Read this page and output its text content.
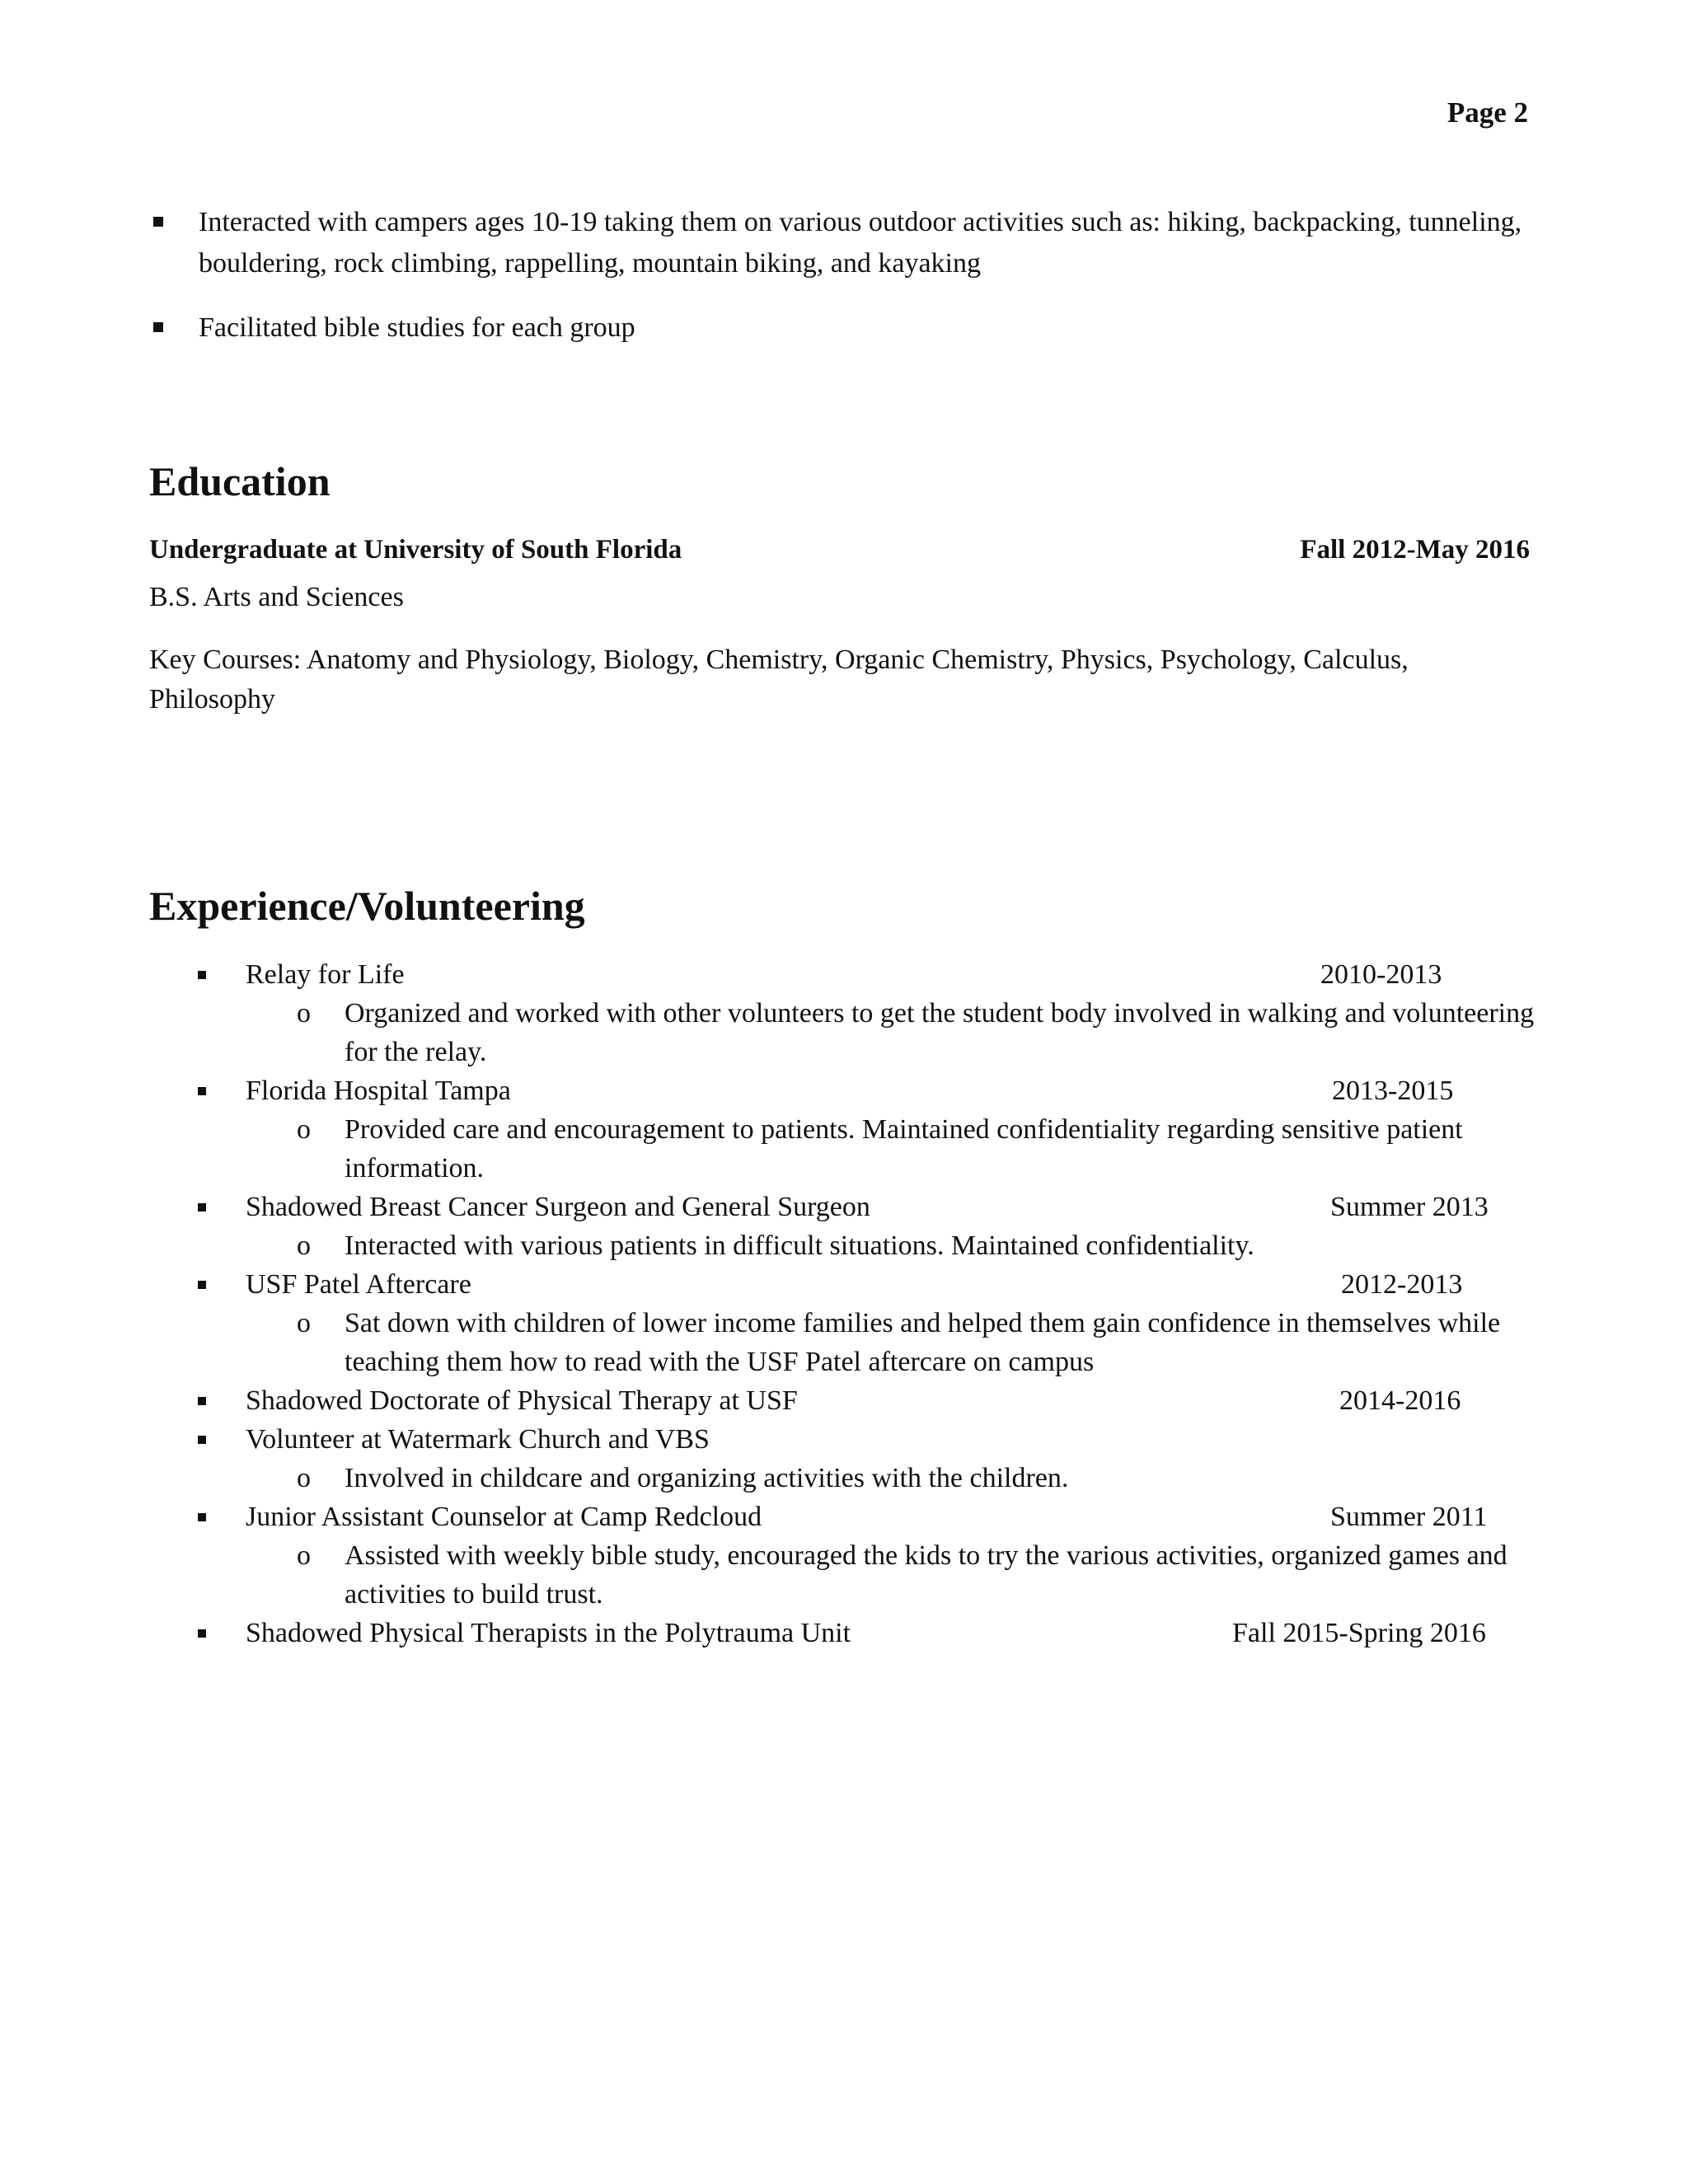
Page 2
Interacted with campers ages 10-19 taking them on various outdoor activities such as: hiking, backpacking, tunneling, bouldering, rock climbing, rappelling, mountain biking, and kayaking
Facilitated bible studies for each group
Education
Undergraduate at University of South Florida	Fall 2012-May 2016
B.S. Arts and Sciences
Key Courses: Anatomy and Physiology, Biology, Chemistry, Organic Chemistry, Physics, Psychology, Calculus, Philosophy
Experience/Volunteering
Relay for Life	2010-2013
o Organized and worked with other volunteers to get the student body involved in walking and volunteering for the relay.
Florida Hospital Tampa	2013-2015
o Provided care and encouragement to patients. Maintained confidentiality regarding sensitive patient information.
Shadowed Breast Cancer Surgeon and General Surgeon	Summer 2013
o Interacted with various patients in difficult situations. Maintained confidentiality.
USF Patel Aftercare	2012-2013
o Sat down with children of lower income families and helped them gain confidence in themselves while teaching them how to read with the USF Patel aftercare on campus
Shadowed Doctorate of Physical Therapy at USF	2014-2016
Volunteer at Watermark Church and VBS
o Involved in childcare and organizing activities with the children.
Junior Assistant Counselor at Camp Redcloud	Summer 2011
o Assisted with weekly bible study, encouraged the kids to try the various activities, organized games and activities to build trust.
Shadowed Physical Therapists in the Polytrauma Unit	Fall 2015-Spring 2016
